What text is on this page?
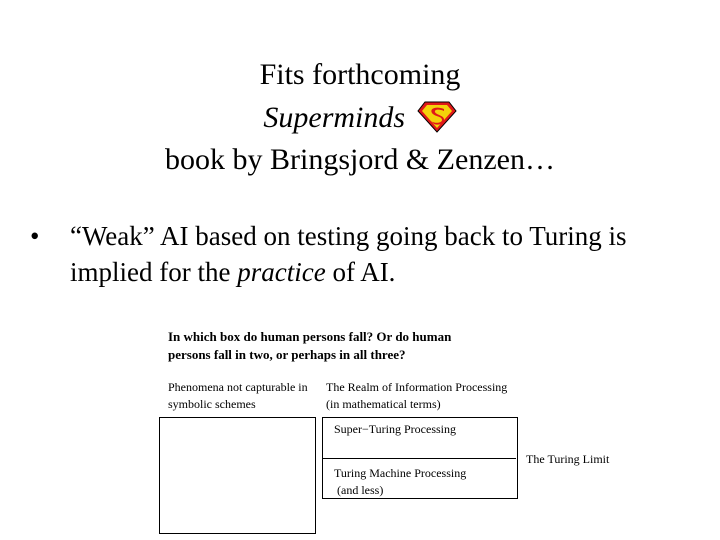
Fits forthcoming
Superminds
book by Bringsjord & Zenzen…
• “Weak” AI based on testing going back to Turing is implied for the practice of AI.
In which box do human persons fall? Or do human
persons fall in two, or perhaps in all three?
Phenomena not capturable in
symbolic schemes
The Realm of Information Processing
(in mathematical terms)
Super−Turing Processing
Turing Machine Processing
(and less)
The Turing Limit
